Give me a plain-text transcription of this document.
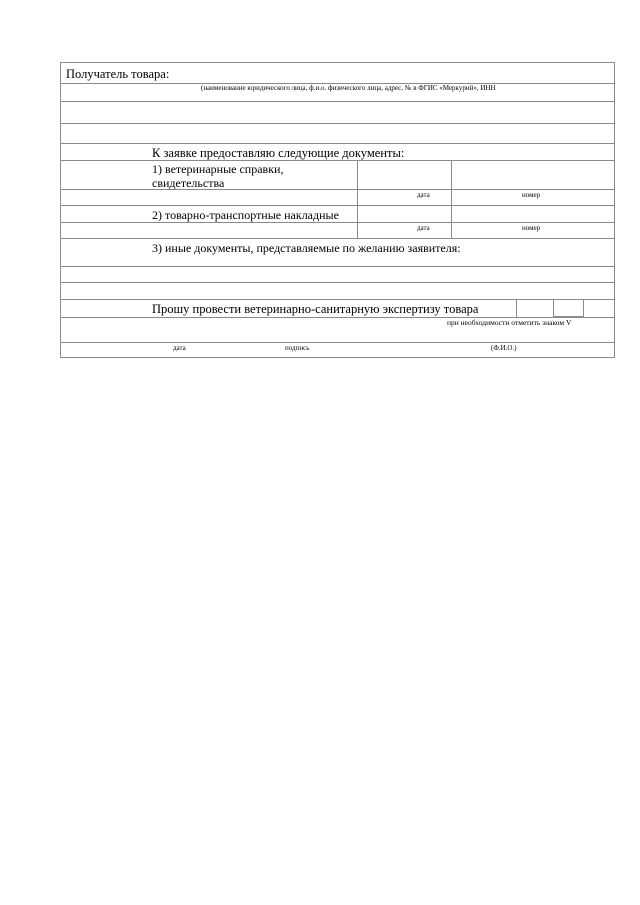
Получатель товара:
(наименование юридического лица, ф.и.о. физического лица, адрес, № в ФГИС «Меркурий», ИНН
К заявке предоставляю следующие документы:
1) ветеринарные справки,
свидетельства
дата	номер
2) товарно-транспортные накладные
дата	номер
3) иные документы, представляемые по желанию заявителя:
Прошу провести ветеринарно-санитарную экспертизу товара
при необходимости отметить знаком V
дата	подпись	(Ф.И.О.)
